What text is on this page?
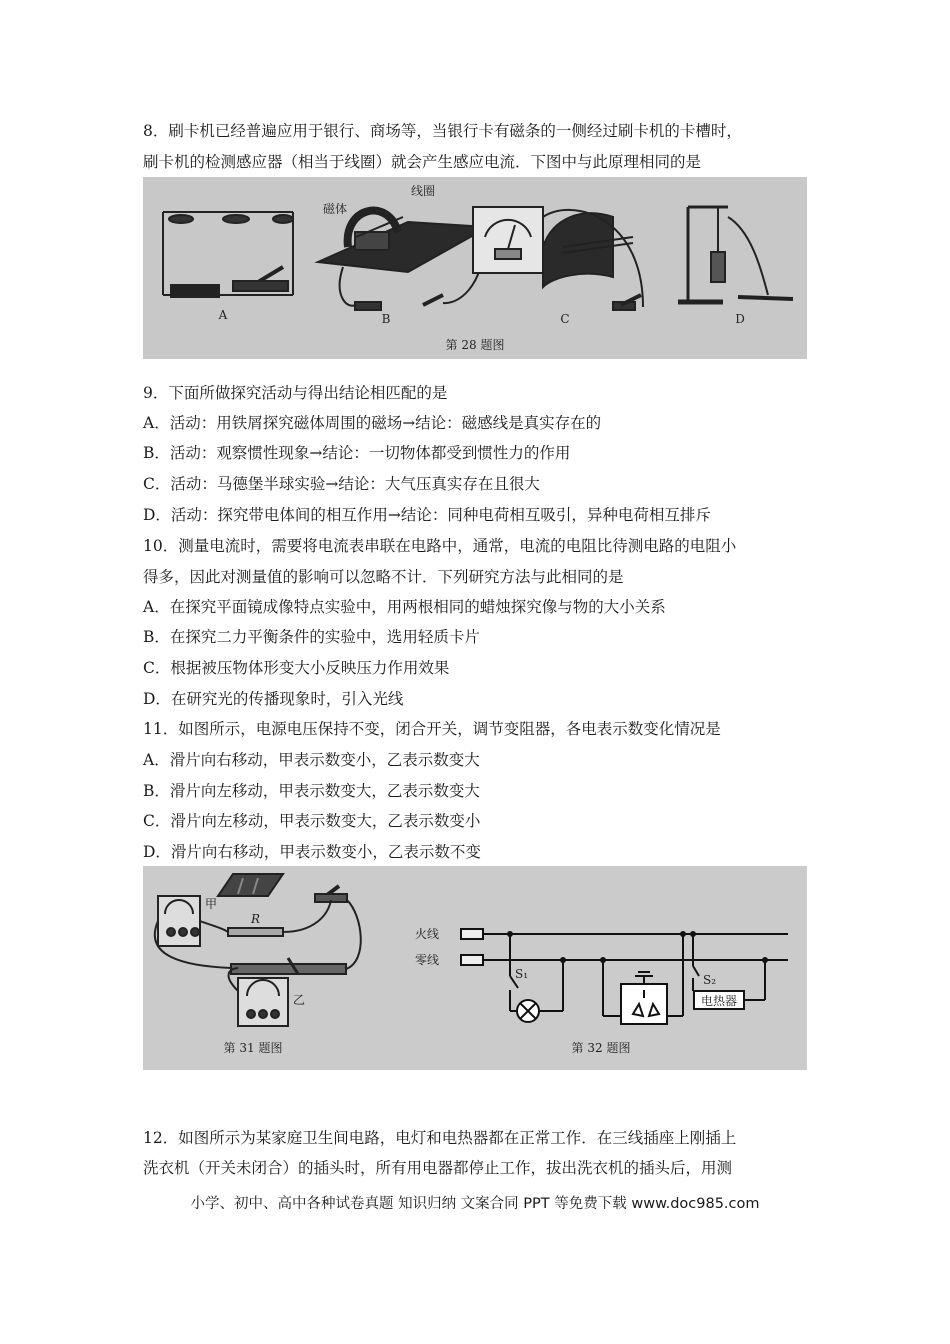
8．刷卡机已经普遍应用于银行、商场等，当银行卡有磁条的一侧经过刷卡机的卡槽时，
刷卡机的检测感应器（相当于线圈）就会产生感应电流．下图中与此原理相同的是
磁体
线圈
A	B	C	D
第 28 题图
9．下面所做探究活动与得出结论相匹配的是
A．活动：用铁屑探究磁体周围的磁场→结论：磁感线是真实存在的
B．活动：观察惯性现象→结论：一切物体都受到惯性力的作用
C．活动：马德堡半球实验→结论：大气压真实存在且很大
D．活动：探究带电体间的相互作用→结论：同种电荷相互吸引，异种电荷相互排斥
10．测量电流时，需要将电流表串联在电路中，通常，电流的电阻比待测电路的电阻小
得多，因此对测量值的影响可以忽略不计．下列研究方法与此相同的是
A．在探究平面镜成像特点实验中，用两根相同的蜡烛探究像与物的大小关系
B．在探究二力平衡条件的实验中，选用轻质卡片
C．根据被压物体形变大小反映压力作用效果
D．在研究光的传播现象时，引入光线
11．如图所示，电源电压保持不变，闭合开关，调节变阻器，各电表示数变化情况是
A．滑片向右移动，甲表示数变小，乙表示数变大
B．滑片向左移动，甲表示数变大，乙表示数变大
C．滑片向左移动，甲表示数变大，乙表示数变小
D．滑片向右移动，甲表示数变小，乙表示数不变
甲
R
乙
第 31 题图
火线
零线
S₁	S₂
电热器
第 32 题图
12．如图所示为某家庭卫生间电路，电灯和电热器都在正常工作．在三线插座上刚插上
洗衣机（开关未闭合）的插头时，所有用电器都停止工作，拔出洗衣机的插头后，用测
小学、初中、高中各种试卷真题 知识归纳 文案合同 PPT 等免费下载 www.doc985.com
